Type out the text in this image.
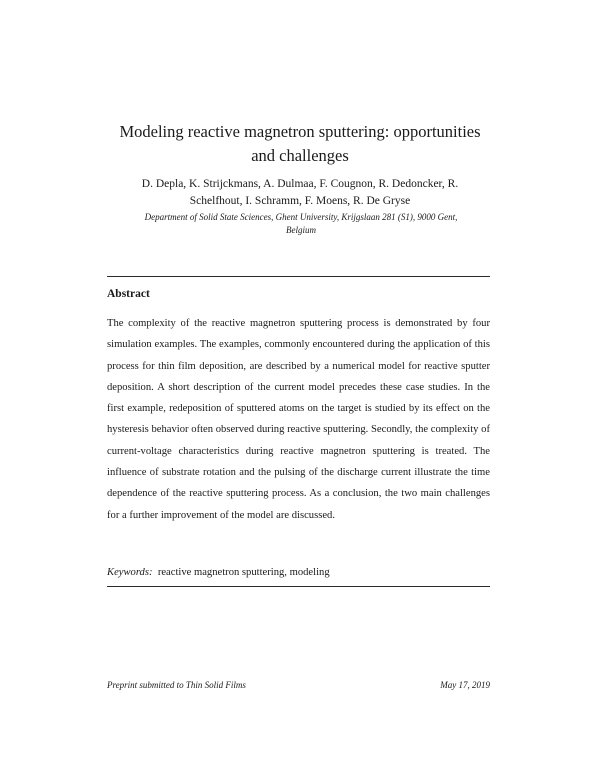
Modeling reactive magnetron sputtering: opportunities
and challenges
D. Depla, K. Strijckmans, A. Dulmaa, F. Cougnon, R. Dedoncker, R.
Schelfhout, I. Schramm, F. Moens, R. De Gryse
Department of Solid State Sciences, Ghent University, Krijgslaan 281 (S1), 9000 Gent,
Belgium
Abstract

The complexity of the reactive magnetron sputtering process is demonstrated by four simulation examples. The examples, commonly encountered during the application of this process for thin film deposition, are described by a numerical model for reactive sputter deposition. A short description of the current model precedes these case studies. In the first example, redeposition of sputtered atoms on the target is studied by its effect on the hysteresis behavior often observed during reactive sputtering. Secondly, the complexity of current-voltage characteristics during reactive magnetron sputtering is treated. The influence of substrate rotation and the pulsing of the discharge current illustrate the time dependence of the reactive sputtering process. As a conclusion, the two main challenges for a further improvement of the model are discussed.

Keywords: reactive magnetron sputtering, modeling
Preprint submitted to Thin Solid Films	May 17, 2019
